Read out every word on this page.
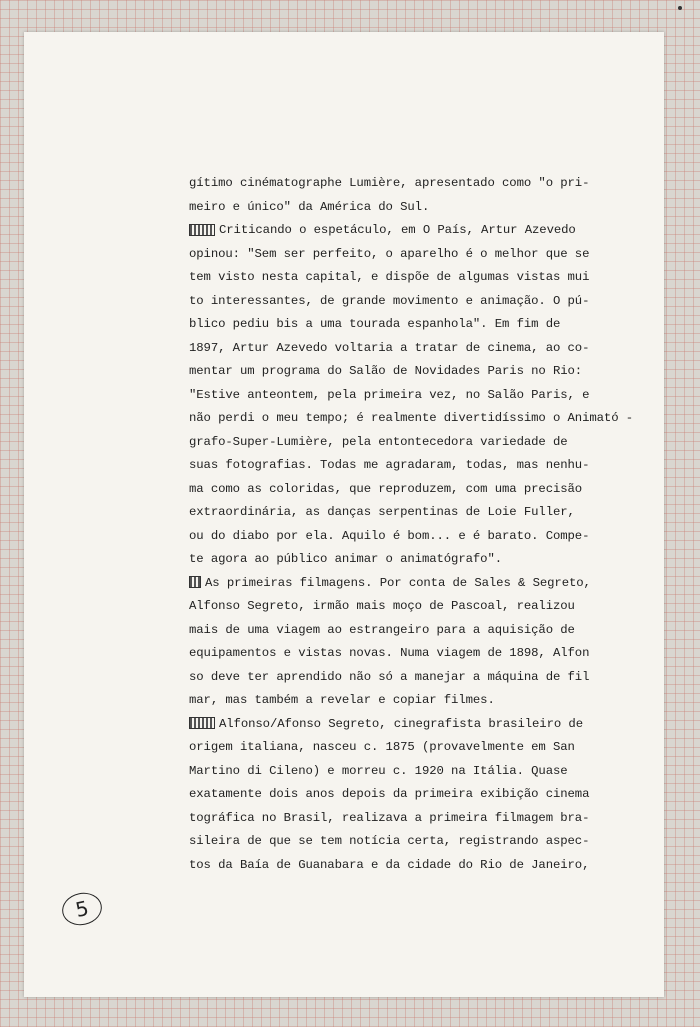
gítimo cinématographe Lumière, apresentado como "o pri-
meiro e único" da América do Sul.
Criticando o espetáculo, em O País, Artur Azevedo
opinou: "Sem ser perfeito, o aparelho é o melhor que se
tem visto nesta capital, e dispõe de algumas vistas mui
to interessantes, de grande movimento e animação. O pú-
blico pediu bis a uma tourada espanhola". Em fim de
1897, Artur Azevedo voltaria a tratar de cinema, ao co-
mentar um programa do Salão de Novidades Paris no Rio:
"Estive anteontem, pela primeira vez, no Salão Paris, e
não perdi o meu tempo; é realmente divertidíssimo o Animató -
grafo-Super-Lumière, pela entontecedora variedade de
suas fotografias. Todas me agradaram, todas, mas nenhu-
ma como as coloridas, que reproduzem, com uma precisão
extraordinária, as danças serpentinas de Loie Fuller,
ou do diabo por ela. Aquilo é bom... e é barato. Compe-
te agora ao público animar o animatógrafo".
As primeiras filmagens. Por conta de Sales & Segreto,
Alfonso Segreto, irmão mais moço de Pascoal, realizou
mais de uma viagem ao estrangeiro para a aquisição de
equipamentos e vistas novas. Numa viagem de 1898, Alfon
so deve ter aprendido não só a manejar a máquina de fil
mar, mas também a revelar e copiar filmes.
Alfonso/Afonso Segreto, cinegrafista brasileiro de
origem italiana, nasceu c. 1875 (provavelmente em San
Martino di Cileno) e morreu c. 1920 na Itália. Quase
exatamente dois anos depois da primeira exibição cinema
tográfica no Brasil, realizava a primeira filmagem bra-
sileira de que se tem notícia certa, registrando aspec-
tos da Baía de Guanabara e da cidade do Rio de Janeiro,
5
